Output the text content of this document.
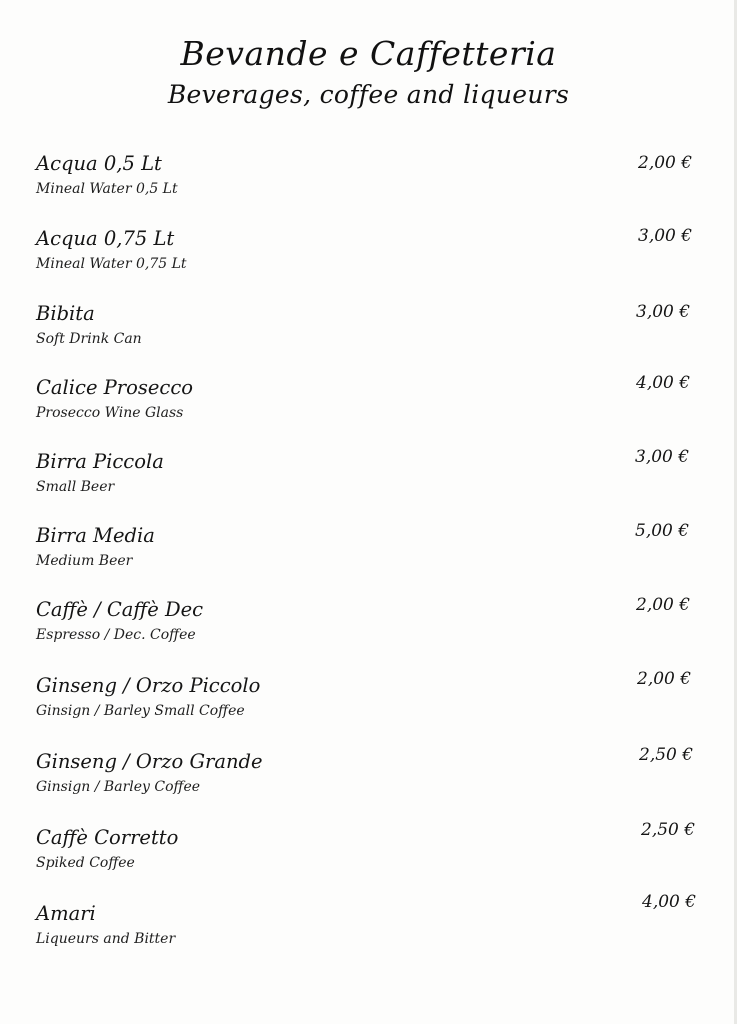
Bevande e Caffetteria
Beverages, coffee and liqueurs
Acqua 0,5 Lt
Mineal Water 0,5 Lt
2,00 €
Acqua 0,75 Lt
Mineal Water 0,75 Lt
3,00 €
Bibita
Soft Drink Can
3,00 €
Calice Prosecco
Prosecco Wine Glass
4,00 €
Birra Piccola
Small Beer
3,00 €
Birra Media
Medium Beer
5,00 €
Caffè / Caffè Dec
Espresso / Dec. Coffee
2,00 €
Ginseng / Orzo Piccolo
Ginsign / Barley Small Coffee
2,00 €
Ginseng / Orzo Grande
Ginsign / Barley Coffee
2,50 €
Caffè Corretto
Spiked Coffee
2,50 €
Amari
Liqueurs and Bitter
4,00 €
